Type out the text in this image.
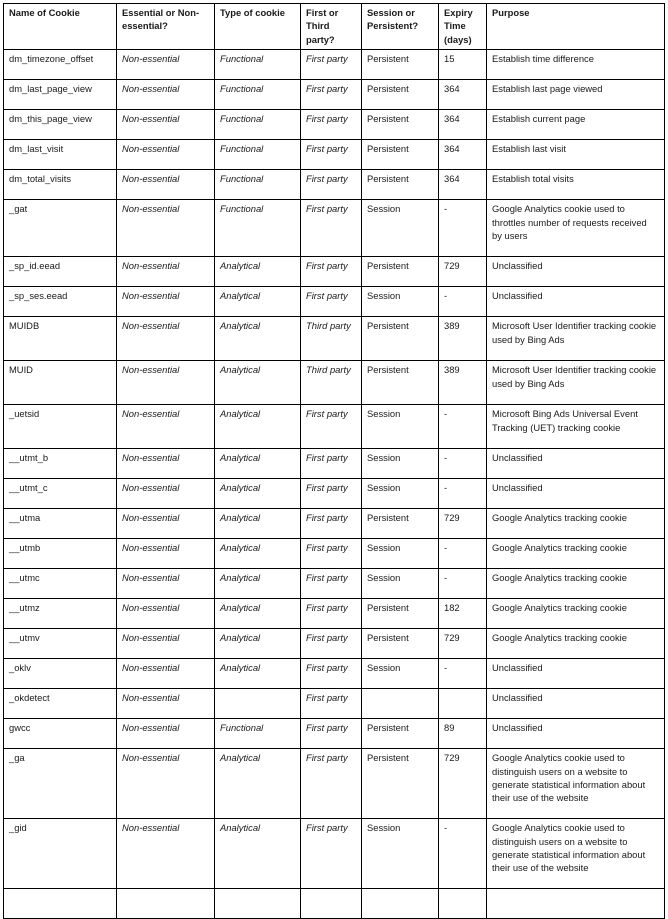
Name of Cookie	Essential or Non-essential?	Type of cookie	First or Third party?	Session or Persistent?	Expiry Time (days)	Purpose
dm_timezone_offset	Non-essential	Functional	First party	Persistent	15	Establish time difference
dm_last_page_view	Non-essential	Functional	First party	Persistent	364	Establish last page viewed
dm_this_page_view	Non-essential	Functional	First party	Persistent	364	Establish current page
dm_last_visit	Non-essential	Functional	First party	Persistent	364	Establish last visit
dm_total_visits	Non-essential	Functional	First party	Persistent	364	Establish total visits
_gat	Non-essential	Functional	First party	Session	-	Google Analytics cookie used to throttles number of requests received by users
_sp_id.eead	Non-essential	Analytical	First party	Persistent	729	Unclassified
_sp_ses.eead	Non-essential	Analytical	First party	Session	-	Unclassified
MUIDB	Non-essential	Analytical	Third party	Persistent	389	Microsoft User Identifier tracking cookie used by Bing Ads
MUID	Non-essential	Analytical	Third party	Persistent	389	Microsoft User Identifier tracking cookie used by Bing Ads
_uetsid	Non-essential	Analytical	First party	Session	-	Microsoft Bing Ads Universal Event Tracking (UET) tracking cookie
__utmt_b	Non-essential	Analytical	First party	Session	-	Unclassified
__utmt_c	Non-essential	Analytical	First party	Session	-	Unclassified
__utma	Non-essential	Analytical	First party	Persistent	729	Google Analytics tracking cookie
__utmb	Non-essential	Analytical	First party	Session	-	Google Analytics tracking cookie
__utmc	Non-essential	Analytical	First party	Session	-	Google Analytics tracking cookie
__utmz	Non-essential	Analytical	First party	Persistent	182	Google Analytics tracking cookie
__utmv	Non-essential	Analytical	First party	Persistent	729	Google Analytics tracking cookie
_oklv	Non-essential	Analytical	First party	Session	-	Unclassified
_okdetect	Non-essential		First party			Unclassified
gwcc	Non-essential	Functional	First party	Persistent	89	Unclassified
_ga	Non-essential	Analytical	First party	Persistent	729	Google Analytics cookie used to distinguish users on a website to generate statistical information about their use of the website
_gid	Non-essential	Analytical	First party	Session	-	Google Analytics cookie used to distinguish users on a website to generate statistical information about their use of the website
